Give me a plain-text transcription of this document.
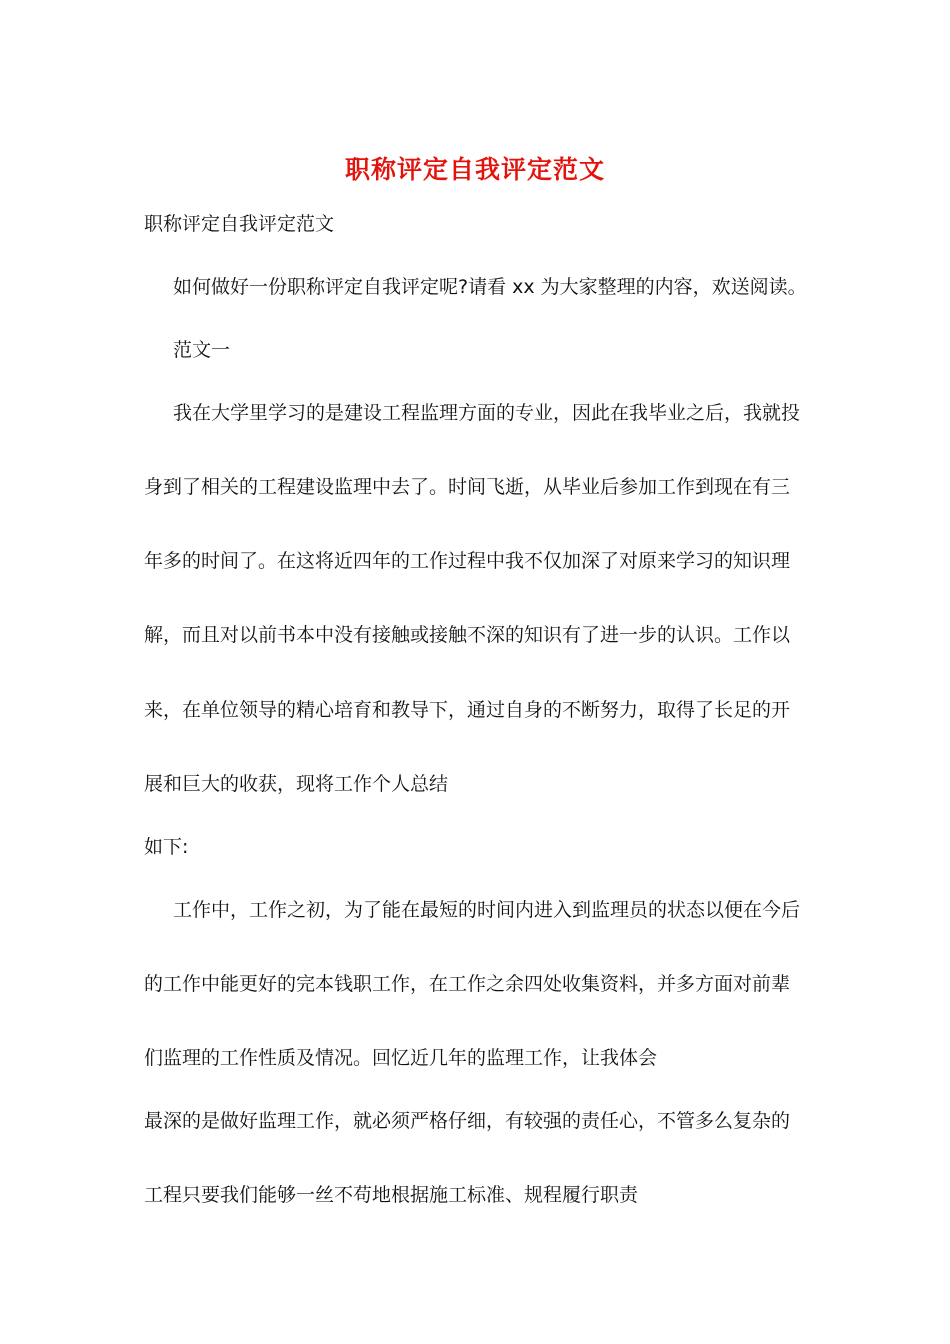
职称评定自我评定范文
职称评定自我评定范文
如何做好一份职称评定自我评定呢?请看 xx 为大家整理的内容，欢送阅读。
范文一
我在大学里学习的是建设工程监理方面的专业，因此在我毕业之后，我就投
身到了相关的工程建设监理中去了。时间飞逝，从毕业后参加工作到现在有三
年多的时间了。在这将近四年的工作过程中我不仅加深了对原来学习的知识理
解，而且对以前书本中没有接触或接触不深的知识有了进一步的认识。工作以
来，在单位领导的精心培育和教导下，通过自身的不断努力，取得了长足的开
展和巨大的收获，现将工作个人总结
如下:
工作中，工作之初，为了能在最短的时间内进入到监理员的状态以便在今后
的工作中能更好的完本钱职工作，在工作之余四处收集资料，并多方面对前辈
们监理的工作性质及情况。回忆近几年的监理工作，让我体会
最深的是做好监理工作，就必须严格仔细，有较强的责任心，不管多么复杂的
工程只要我们能够一丝不苟地根据施工标准、规程履行职责
